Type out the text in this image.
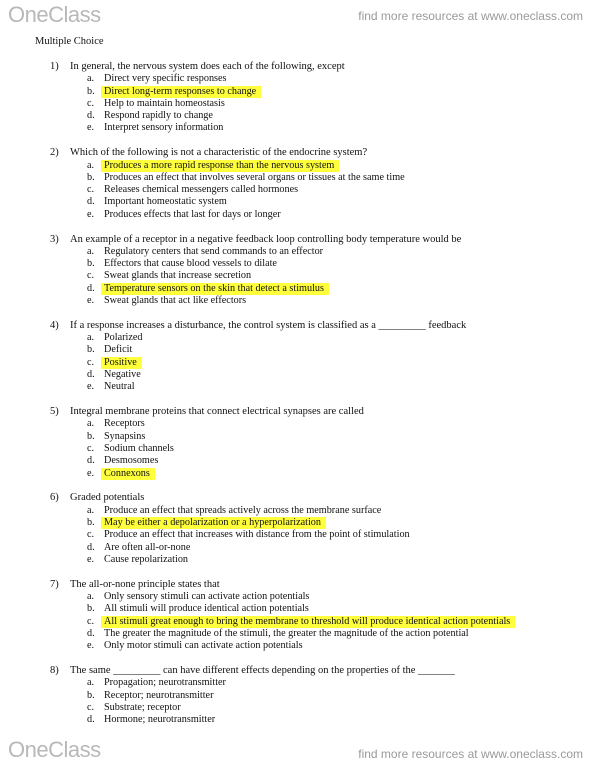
OneClass	find more resources at www.oneclass.com
Multiple Choice
1) In general, the nervous system does each of the following, except
a. Direct very specific responses
b. Direct long-term responses to change
c. Help to maintain homeostasis
d. Respond rapidly to change
e. Interpret sensory information
2) Which of the following is not a characteristic of the endocrine system?
a. Produces a more rapid response than the nervous system
b. Produces an effect that involves several organs or tissues at the same time
c. Releases chemical messengers called hormones
d. Important homeostatic system
e. Produces effects that last for days or longer
3) An example of a receptor in a negative feedback loop controlling body temperature would be
a. Regulatory centers that send commands to an effector
b. Effectors that cause blood vessels to dilate
c. Sweat glands that increase secretion
d. Temperature sensors on the skin that detect a stimulus
e. Sweat glands that act like effectors
4) If a response increases a disturbance, the control system is classified as a _________ feedback
a. Polarized
b. Deficit
c. Positive
d. Negative
e. Neutral
5) Integral membrane proteins that connect electrical synapses are called
a. Receptors
b. Synapsins
c. Sodium channels
d. Desmosomes
e. Connexons
6) Graded potentials
a. Produce an effect that spreads actively across the membrane surface
b. May be either a depolarization or a hyperpolarization
c. Produce an effect that increases with distance from the point of stimulation
d. Are often all-or-none
e. Cause repolarization
7) The all-or-none principle states that
a. Only sensory stimuli can activate action potentials
b. All stimuli will produce identical action potentials
c. All stimuli great enough to bring the membrane to threshold will produce identical action potentials
d. The greater the magnitude of the stimuli, the greater the magnitude of the action potential
e. Only motor stimuli can activate action potentials
8) The same _________ can have different effects depending on the properties of the _______
a. Propagation; neurotransmitter
b. Receptor; neurotransmitter
c. Substrate; receptor
d. Hormone; neurotransmitter
OneClass	find more resources at www.oneclass.com
